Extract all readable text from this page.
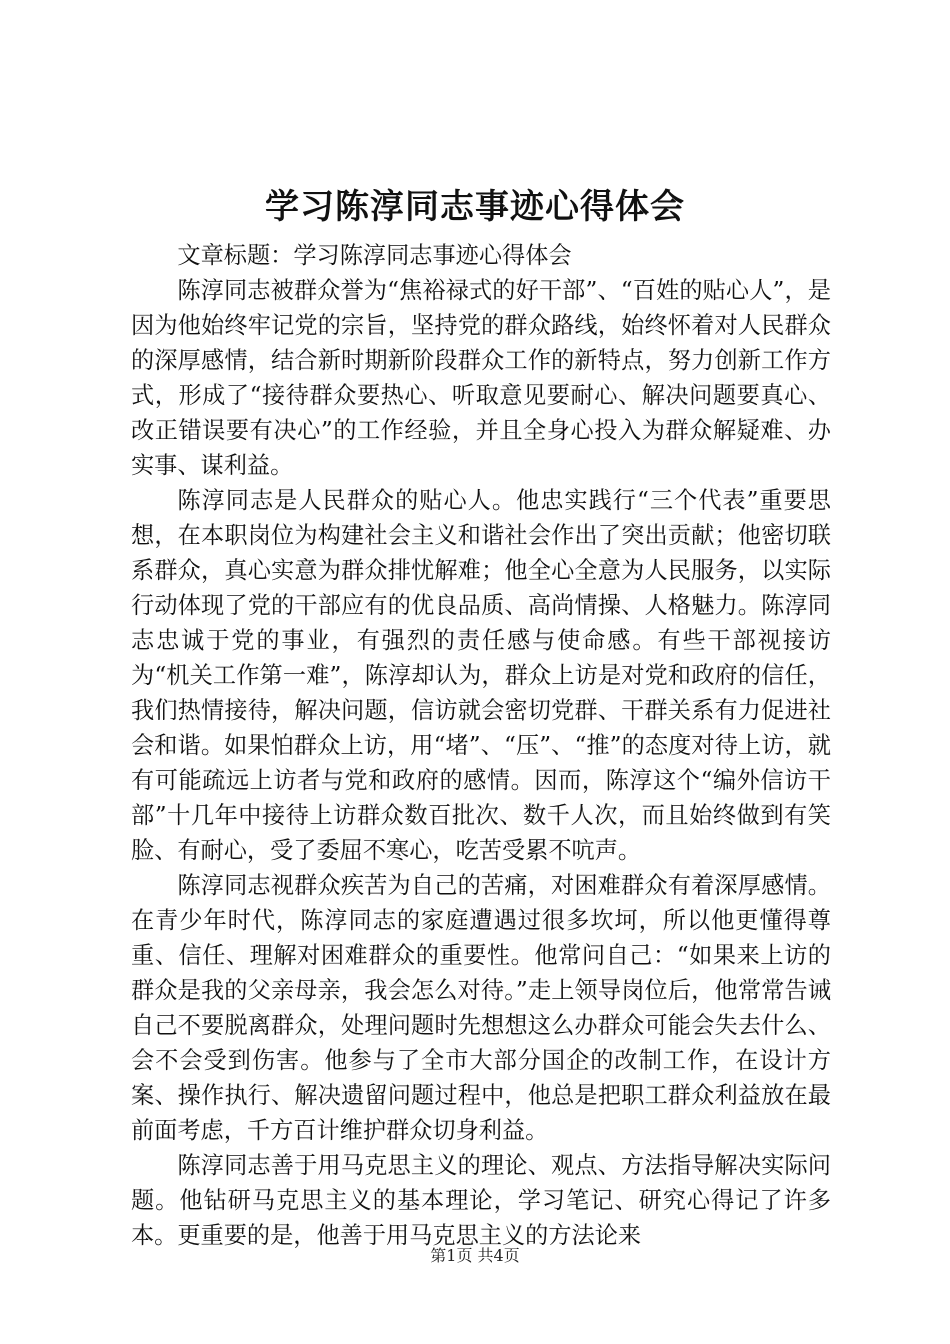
学习陈淳同志事迹心得体会

文章标题：学习陈淳同志事迹心得体会

陈淳同志被群众誉为“焦裕禄式的好干部”、“百姓的贴心人”，是因为他始终牢记党的宗旨，坚持党的群众路线，始终怀着对人民群众的深厚感情，结合新时期新阶段群众工作的新特点，努力创新工作方式，形成了“接待群众要热心、听取意见要耐心、解决问题要真心、改正错误要有决心”的工作经验，并且全身心投入为群众解疑难、办实事、谋利益。

陈淳同志是人民群众的贴心人。他忠实践行“三个代表”重要思想，在本职岗位为构建社会主义和谐社会作出了突出贡献；他密切联系群众，真心实意为群众排忧解难；他全心全意为人民服务，以实际行动体现了党的干部应有的优良品质、高尚情操、人格魅力。陈淳同志忠诚于党的事业，有强烈的责任感与使命感。有些干部视接访为“机关工作第一难”，陈淳却认为，群众上访是对党和政府的信任，我们热情接待，解决问题，信访就会密切党群、干群关系有力促进社会和谐。如果怕群众上访，用“堵”、“压”、“推”的态度对待上访，就有可能疏远上访者与党和政府的感情。因而，陈淳这个“编外信访干部”十几年中接待上访群众数百批次、数千人次，而且始终做到有笑脸、有耐心，受了委屈不寒心，吃苦受累不吭声。

陈淳同志视群众疾苦为自己的苦痛，对困难群众有着深厚感情。在青少年时代，陈淳同志的家庭遭遇过很多坎坷，所以他更懂得尊重、信任、理解对困难群众的重要性。他常问自己：“如果来上访的群众是我的父亲母亲，我会怎么对待。”走上领导岗位后，他常常告诫自己不要脱离群众，处理问题时先想想这么办群众可能会失去什么、会不会受到伤害。他参与了全市大部分国企的改制工作，在设计方案、操作执行、解决遗留问题过程中，他总是把职工群众利益放在最前面考虑，千方百计维护群众切身利益。

陈淳同志善于用马克思主义的理论、观点、方法指导解决实际问题。他钻研马克思主义的基本理论，学习笔记、研究心得记了许多本。更重要的是，他善于用马克思主义的方法论来

第1页 共4页
